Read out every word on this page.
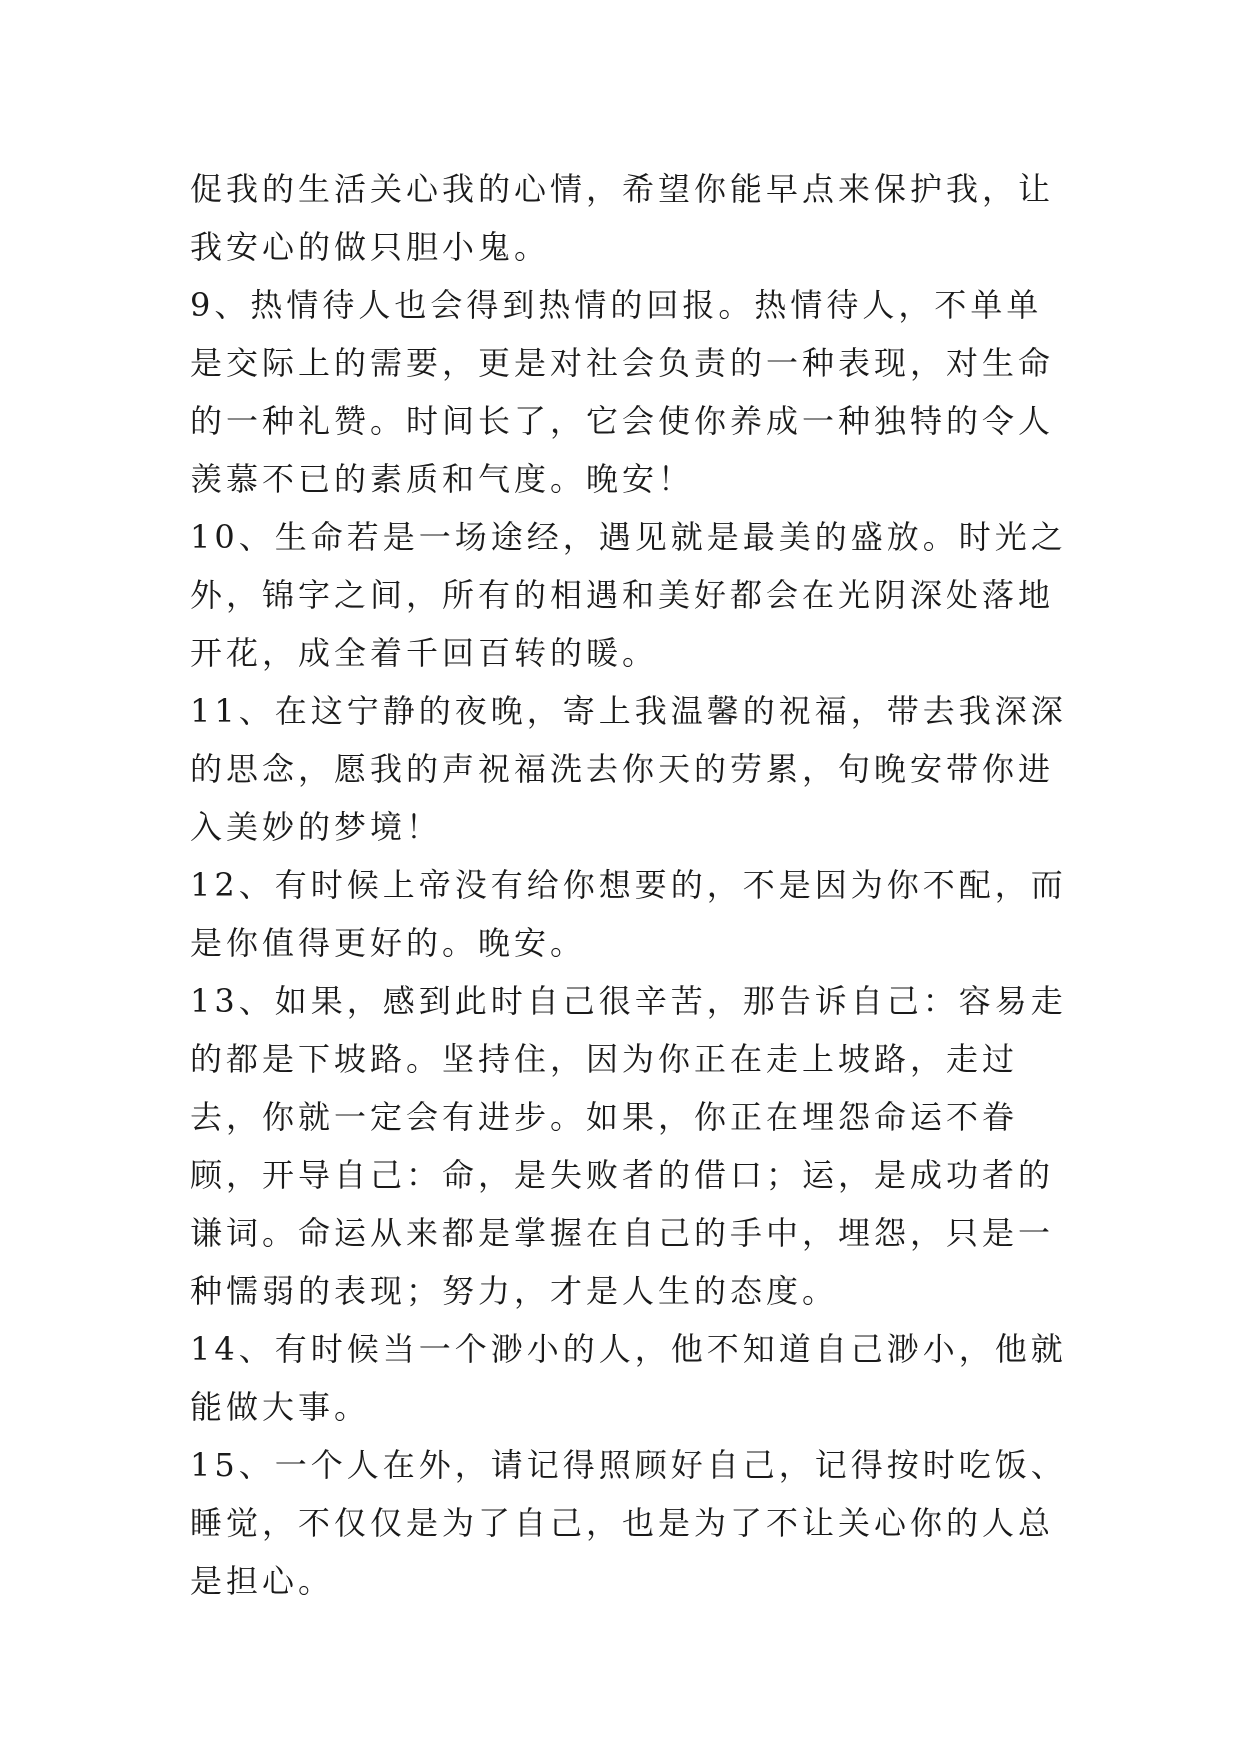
促我的生活关心我的心情，希望你能早点来保护我，让我安心的做只胆小鬼。

9、热情待人也会得到热情的回报。热情待人，不单单是交际上的需要，更是对社会负责的一种表现，对生命的一种礼赞。时间长了，它会使你养成一种独特的令人羡慕不已的素质和气度。晚安！

10、生命若是一场途经，遇见就是最美的盛放。时光之外，锦字之间，所有的相遇和美好都会在光阴深处落地开花，成全着千回百转的暖。

11、在这宁静的夜晚，寄上我温馨的祝福，带去我深深的思念，愿我的声祝福洗去你天的劳累，句晚安带你进入美妙的梦境！

12、有时候上帝没有给你想要的，不是因为你不配，而是你值得更好的。晚安。

13、如果，感到此时自己很辛苦，那告诉自己：容易走的都是下坡路。坚持住，因为你正在走上坡路，走过去，你就一定会有进步。如果，你正在埋怨命运不眷顾，开导自己：命，是失败者的借口；运，是成功者的谦词。命运从来都是掌握在自己的手中，埋怨，只是一种懦弱的表现；努力，才是人生的态度。

14、有时候当一个渺小的人，他不知道自己渺小，他就能做大事。

15、一个人在外，请记得照顾好自己，记得按时吃饭、睡觉，不仅仅是为了自己，也是为了不让关心你的人总是担心。
